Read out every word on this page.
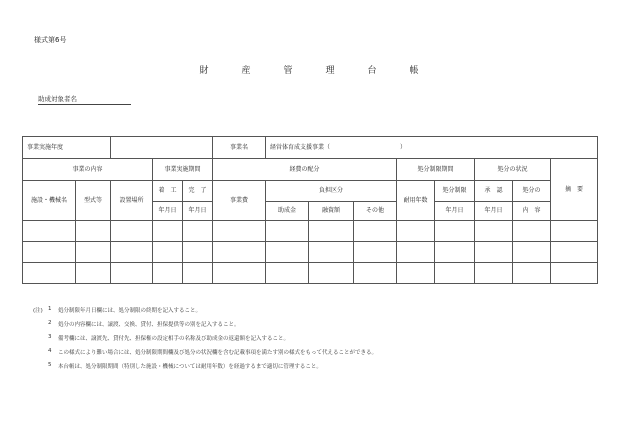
様式第6号
財　産　管　理　台　帳
助成対象者名
事業実施年度					事業名	経営体育成支援事業（ ）							
事業の内容			事業実施期間		経費の配分				処分制限期間		処分の状況		摘　要
施設・機械名	型式等	設置場所	着　工	完　了	事業費	負担区分			耐用年数	処分制限	承　認	処分の	
			年月日	年月日		助成金	融資額	その他		年月日	年月日	内　容	

(注) 1 処分制限年月日欄には、処分制限の終期を記入すること。
2 処分の内容欄には、譲渡、交換、貸付、担保提供等の別を記入すること。
3 備考欄には、譲渡先、貸付先、担保権の設定相手の名称及び助成金の返還額を記入すること。
4 この様式により難い場合には、処分制限期間欄及び処分の状況欄を含む記載事項を満たす別の様式をもって代えることができる。
5 本台帳は、処分制限期間（特別した施設・機械については耐用年数）を経過するまで適切に管理すること。
